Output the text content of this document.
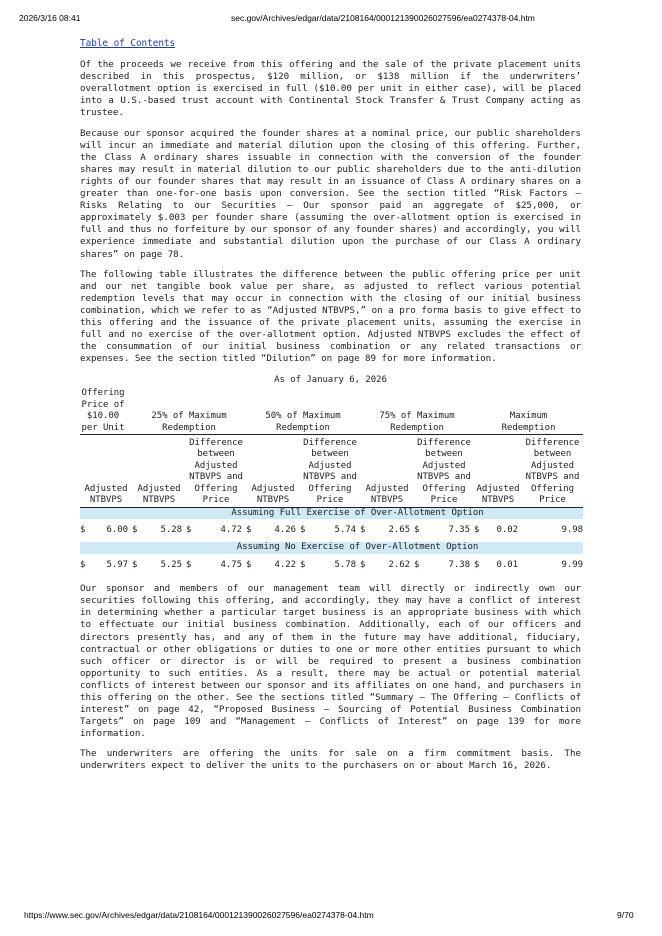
2026/3/16 08:41	sec.gov/Archives/edgar/data/2108164/000121390026027596/ea0274378-04.htm
Table of Contents

Of the proceeds we receive from this offering and the sale of the private placement units described in this prospectus, $120 million, or $138 million if the underwriters’ overallotment option is exercised in full ($10.00 per unit in either case), will be placed into a U.S.-based trust account with Continental Stock Transfer & Trust Company acting as trustee.

Because our sponsor acquired the founder shares at a nominal price, our public shareholders will incur an immediate and material dilution upon the closing of this offering. Further, the Class A ordinary shares issuable in connection with the conversion of the founder shares may result in material dilution to our public shareholders due to the anti-dilution rights of our founder shares that may result in an issuance of Class A ordinary shares on a greater than one-for-one basis upon conversion. See the section titled “Risk Factors — Risks Relating to our Securities — Our sponsor paid an aggregate of $25,000, or approximately $.003 per founder share (assuming the over-allotment option is exercised in full and thus no forfeiture by our sponsor of any founder shares) and accordingly, you will experience immediate and substantial dilution upon the purchase of our Class A ordinary shares” on page 78.

The following table illustrates the difference between the public offering price per unit and our net tangible book value per share, as adjusted to reflect various potential redemption levels that may occur in connection with the closing of our initial business combination, which we refer to as “Adjusted NTBVPS,” on a pro forma basis to give effect to this offering and the issuance of the private placement units, assuming the exercise in full and no exercise of the over-allotment option. Adjusted NTBVPS excludes the effect of the consummation of our initial business combination or any related transactions or expenses. See the section titled “Dilution” on page 89 for more information.

As of January 6, 2026
Offering Price of $10.00 per Unit	25% of Maximum Redemption		50% of Maximum Redemption		75% of Maximum Redemption		Maximum Redemption	

Adjusted NTBVPS	Adjusted NTBVPS	Difference between Adjusted NTBVPS and Offering Price	Adjusted NTBVPS	Difference between Adjusted NTBVPS and Offering Price	Adjusted NTBVPS	Difference between Adjusted NTBVPS and Offering Price	Adjusted NTBVPS	Difference between Adjusted NTBVPS and Offering Price
	Assuming Full Exercise of Over-Allotment Option							

$ 6.00	$ 5.28	$ 4.72	$ 4.26	$ 5.74	$ 2.65	$ 7.35	$ 0.02	9.98

	Assuming No Exercise of Over-Allotment Option							

$ 5.97	$ 5.25	$ 4.75	$ 4.22	$ 5.78	$ 2.62	$ 7.38	$ 0.01	9.99

Our sponsor and members of our management team will directly or indirectly own our securities following this offering, and accordingly, they may have a conflict of interest in determining whether a particular target business is an appropriate business with which to effectuate our initial business combination. Additionally, each of our officers and directors presently has, and any of them in the future may have additional, fiduciary, contractual or other obligations or duties to one or more other entities pursuant to which such officer or director is or will be required to present a business combination opportunity to such entities. As a result, there may be actual or potential material conflicts of interest between our sponsor and its affiliates on one hand, and purchasers in this offering on the other. See the sections titled “Summary — The Offering — Conflicts of interest” on page 42, “Proposed Business — Sourcing of Potential Business Combination Targets” on page 109 and “Management — Conflicts of Interest” on page 139 for more information.

The underwriters are offering the units for sale on a firm commitment basis. The underwriters expect to deliver the units to the purchasers on or about March 16, 2026.

https://www.sec.gov/Archives/edgar/data/2108164/000121390026027596/ea0274378-04.htm	9/70
